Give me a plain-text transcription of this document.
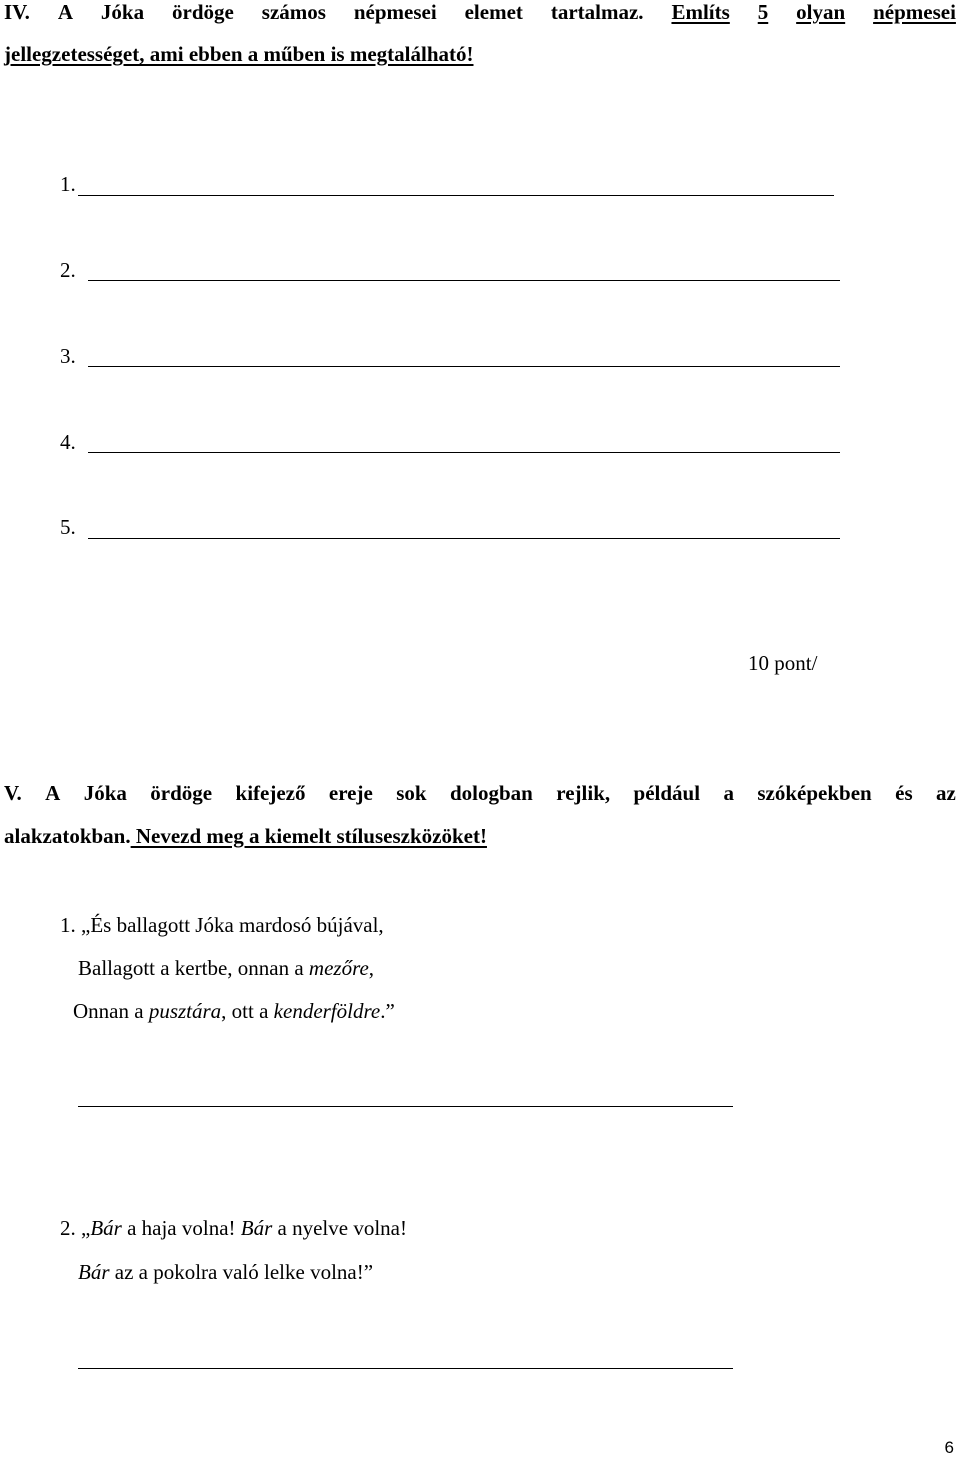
IV. A Jóka ördöge számos népmesei elemet tartalmaz. Említs 5 olyan népmesei
jellegzetességet, ami ebben a műben is megtalálható!
1.
2.
3.
4.
5.
10 pont/
V. A Jóka ördöge kifejező ereje sok dologban rejlik, például a szóképekben és az
alakzatokban. Nevezd meg a kiemelt stíluseszközöket!
1. „És ballagott Jóka mardosó bújával,
Ballagott a kertbe, onnan a mezőre,
Onnan a pusztára, ott a kenderföldre.”
2. „Bár a haja volna! Bár a nyelve volna!
Bár az a pokolra való lelke volna!”
6
